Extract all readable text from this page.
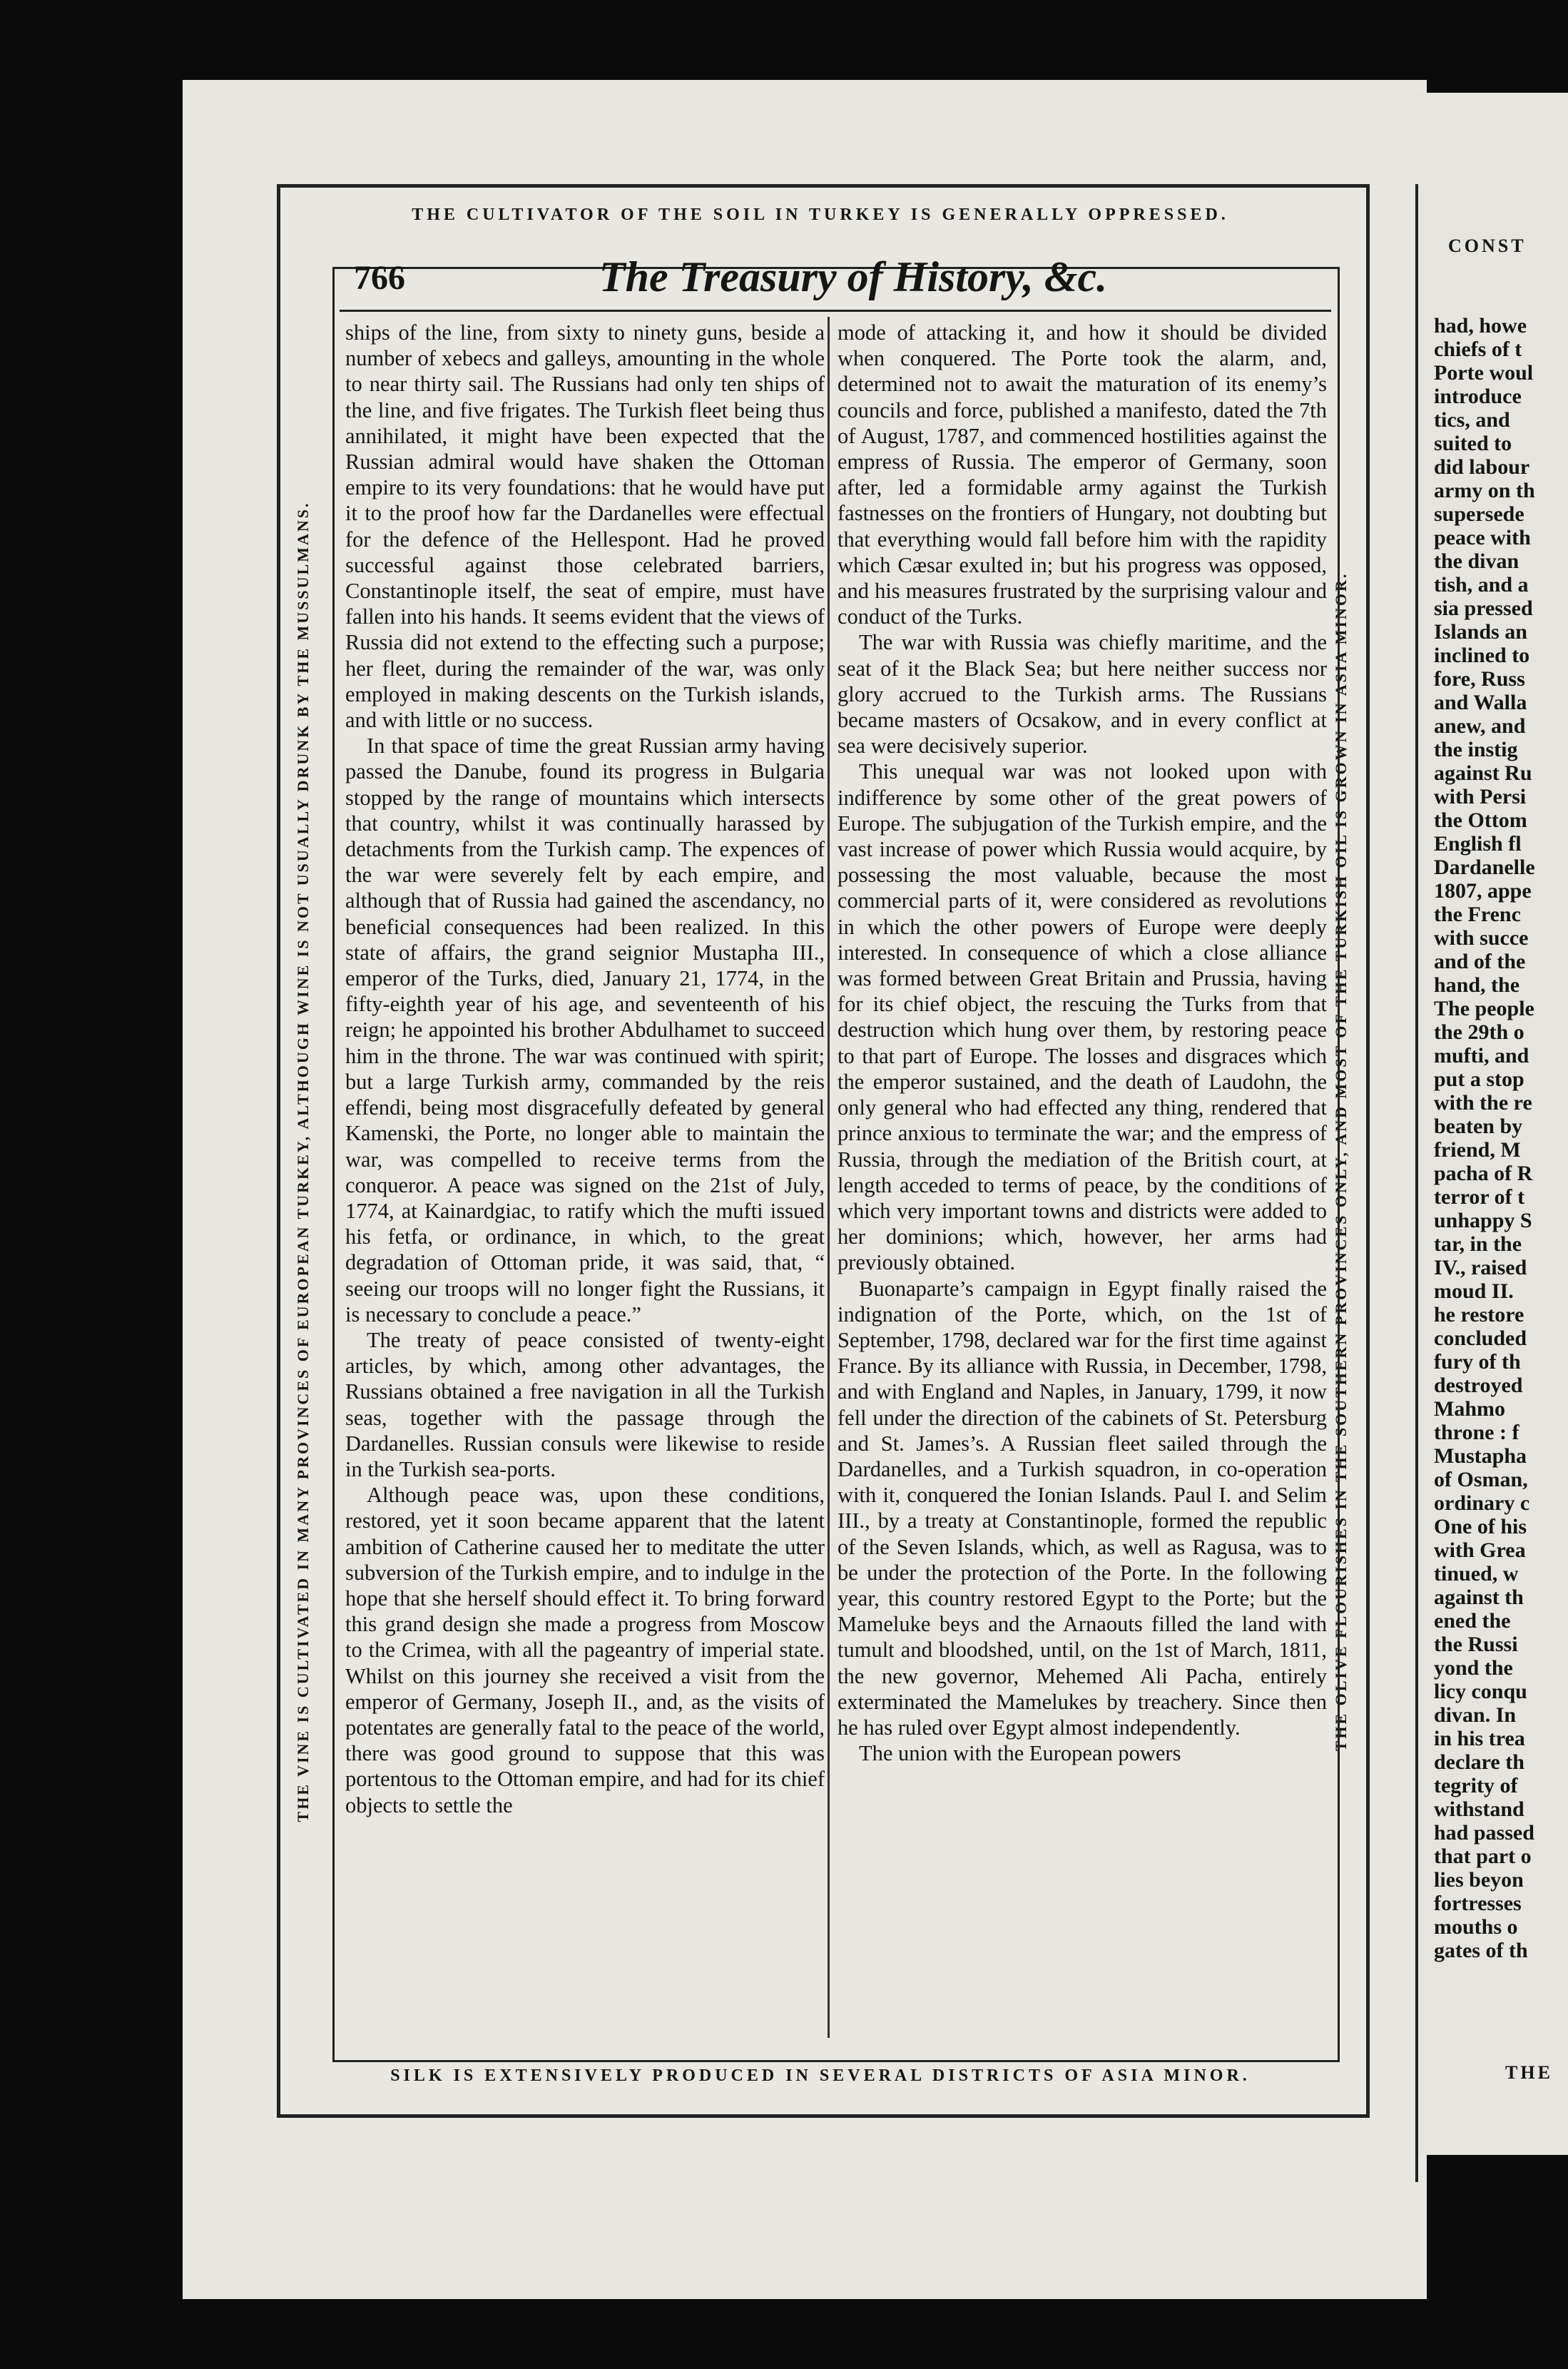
THE CULTIVATOR OF THE SOIL IN TURKEY IS GENERALLY OPPRESSED.
SILK IS EXTENSIVELY PRODUCED IN SEVERAL DISTRICTS OF ASIA MINOR.
THE VINE IS CULTIVATED IN MANY PROVINCES OF EUROPEAN TURKEY, ALTHOUGH WINE IS NOT USUALLY DRUNK BY THE MUSSULMANS.	THE OLIVE FLOURISHES IN THE SOUTHERN PROVINCES ONLY, AND MOST OF THE TURKISH OIL IS GROWN IN ASIA MINOR.
766	The Treasury of History, &c.

ships of the line, from sixty to ninety guns, beside a number of xebecs and galleys, amounting in the whole to near thirty sail. The Russians had only ten ships of the line, and five frigates. The Turkish fleet being thus annihilated, it might have been expected that the Russian admiral would have shaken the Ottoman empire to its very foundations: that he would have put it to the proof how far the Dardanelles were effectual for the defence of the Hellespont. Had he proved successful against those celebrated barriers, Constantinople itself, the seat of empire, must have fallen into his hands. It seems evident that the views of Russia did not extend to the effecting such a purpose; her fleet, during the remainder of the war, was only employed in making descents on the Turkish islands, and with little or no success.

In that space of time the great Russian army having passed the Danube, found its progress in Bulgaria stopped by the range of mountains which intersects that country, whilst it was continually harassed by detachments from the Turkish camp. The expences of the war were severely felt by each empire, and although that of Russia had gained the ascendancy, no beneficial consequences had been realized. In this state of affairs, the grand seignior Mustapha III., emperor of the Turks, died, January 21, 1774, in the fifty-eighth year of his age, and seventeenth of his reign; he appointed his brother Abdulhamet to succeed him in the throne. The war was continued with spirit; but a large Turkish army, commanded by the reis effendi, being most disgracefully defeated by general Kamenski, the Porte, no longer able to maintain the war, was compelled to receive terms from the conqueror. A peace was signed on the 21st of July, 1774, at Kainardgiac, to ratify which the mufti issued his fetfa, or ordinance, in which, to the great degradation of Ottoman pride, it was said, that, “ seeing our troops will no longer fight the Russians, it is necessary to conclude a peace.”

The treaty of peace consisted of twenty-eight articles, by which, among other advantages, the Russians obtained a free navigation in all the Turkish seas, together with the passage through the Dardanelles. Russian consuls were likewise to reside in the Turkish sea-ports.

Although peace was, upon these conditions, restored, yet it soon became apparent that the latent ambition of Catherine caused her to meditate the utter subversion of the Turkish empire, and to indulge in the hope that she herself should effect it. To bring forward this grand design she made a progress from Moscow to the Crimea, with all the pageantry of imperial state. Whilst on this journey she received a visit from the emperor of Germany, Joseph II., and, as the visits of potentates are generally fatal to the peace of the world, there was good ground to suppose that this was portentous to the Ottoman empire, and had for its chief objects to settle the

mode of attacking it, and how it should be divided when conquered. The Porte took the alarm, and, determined not to await the maturation of its enemy’s councils and force, published a manifesto, dated the 7th of August, 1787, and commenced hostilities against the empress of Russia. The emperor of Germany, soon after, led a formidable army against the Turkish fastnesses on the frontiers of Hungary, not doubting but that everything would fall before him with the rapidity which Cæsar exulted in; but his progress was opposed, and his measures frustrated by the surprising valour and conduct of the Turks.

The war with Russia was chiefly maritime, and the seat of it the Black Sea; but here neither success nor glory accrued to the Turkish arms. The Russians became masters of Ocsakow, and in every conflict at sea were decisively superior.

This unequal war was not looked upon with indifference by some other of the great powers of Europe. The subjugation of the Turkish empire, and the vast increase of power which Russia would acquire, by possessing the most valuable, because the most commercial parts of it, were considered as revolutions in which the other powers of Europe were deeply interested. In consequence of which a close alliance was formed between Great Britain and Prussia, having for its chief object, the rescuing the Turks from that destruction which hung over them, by restoring peace to that part of Europe. The losses and disgraces which the emperor sustained, and the death of Laudohn, the only general who had effected any thing, rendered that prince anxious to terminate the war; and the empress of Russia, through the mediation of the British court, at length acceded to terms of peace, by the conditions of which very important towns and districts were added to her dominions; which, however, her arms had previously obtained.

Buonaparte’s campaign in Egypt finally raised the indignation of the Porte, which, on the 1st of September, 1798, declared war for the first time against France. By its alliance with Russia, in December, 1798, and with England and Naples, in January, 1799, it now fell under the direction of the cabinets of St. Petersburg and St. James’s. A Russian fleet sailed through the Dardanelles, and a Turkish squadron, in co-operation with it, conquered the Ionian Islands. Paul I. and Selim III., by a treaty at Constantinople, formed the republic of the Seven Islands, which, as well as Ragusa, was to be under the protection of the Porte. In the following year, this country restored Egypt to the Porte; but the Mameluke beys and the Arnaouts filled the land with tumult and bloodshed, until, on the 1st of March, 1811, the new governor, Mehemed Ali Pacha, entirely exterminated the Mamelukes by treachery. Since then he has ruled over Egypt almost independently.

The union with the European powers

CONST
THE
had, howe
chiefs of t
Porte woul
introduce
tics, and
suited to
did labour
army on th
supersede
peace with
the divan
tish, and a
sia pressed
Islands an
inclined to
fore, Russ
and Walla
anew, and
the instig
against Ru
with Persi
the Ottom
English fl
Dardanelle
1807, appe
the Frenc
with succe
and of the
hand, the
The people
the 29th o
mufti, and
put a stop
with the re
beaten by
friend, M
pacha of R
terror of t
unhappy S
tar, in the
IV., raised
moud II.
he restore
concluded
fury of th
destroyed
Mahmo
throne : f
Mustapha
of Osman,
ordinary c
One of his
with Grea
tinued, w
against th
ened the
the Russi
yond the
licy conqu
divan. In
in his trea
declare th
tegrity of
withstand
had passed
that part o
lies beyon
fortresses
mouths o
gates of th
